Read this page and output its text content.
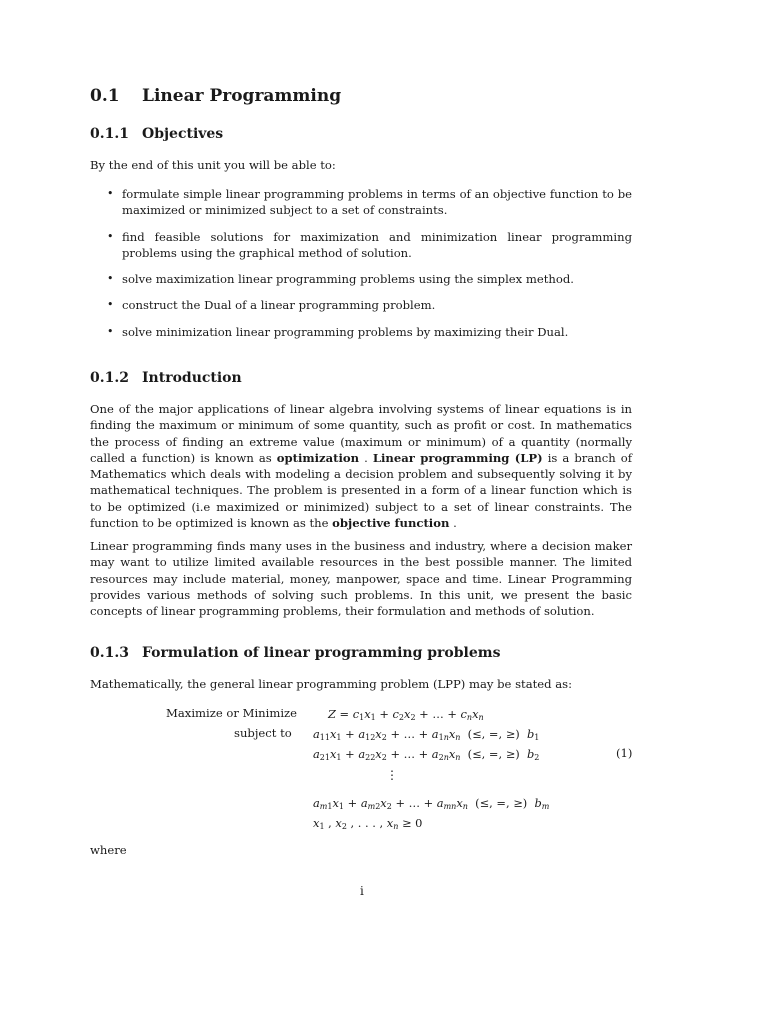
0.1 Linear Programming
0.1.1 Objectives

By the end of this unit you will be able to:

• formulate simple linear programming problems in terms of an objective function to be maximized or minimized subject to a set of constraints.
• find feasible solutions for maximization and minimization linear programming problems using the graphical method of solution.
• solve maximization linear programming problems using the simplex method.
• construct the Dual of a linear programming problem.
• solve minimization linear programming problems by maximizing their Dual.
0.1.2 Introduction

One of the major applications of linear algebra involving systems of linear equations is in finding the maximum or minimum of some quantity, such as profit or cost. In mathematics the process of finding an extreme value (maximum or minimum) of a quantity (normally called a function) is known as optimization . Linear programming (LP) is a branch of Mathematics which deals with modeling a decision problem and subsequently solving it by mathematical techniques. The problem is presented in a form of a linear function which is to be optimized (i.e maximized or minimized) subject to a set of linear constraints. The function to be optimized is known as the objective function .

Linear programming finds many uses in the business and industry, where a decision maker may want to utilize limited available resources in the best possible manner. The limited resources may include material, money, manpower, space and time. Linear Programming provides various methods of solving such problems. In this unit, we present the basic concepts of linear programming problems, their formulation and methods of solution.

0.1.3 Formulation of linear programming problems

Mathematically, the general linear programming problem (LPP) may be stated as:

Maximize or Minimize
subject to
$Z = c_1x_1 + c_2x_2$ + … + $c_nx_n$
$a_{11}x_1 + a_{12}x_2$ + … + $a_{1n}x_n$  (≤, =, ≥)  $b_1$
$a_{21}x_1 + a_{22}x_2$ + … + $a_{2n}x_n$  (≤, =, ≥)  $b_2$
⋮
$a_{m1}x_1 + a_{m2}x_2$ + … + $a_{mn}x_n$  (≤, =, ≥)  $b_m$
$x_1$ , $x_2$ , . . . , $x_n \ge 0$
(1)

where

i
